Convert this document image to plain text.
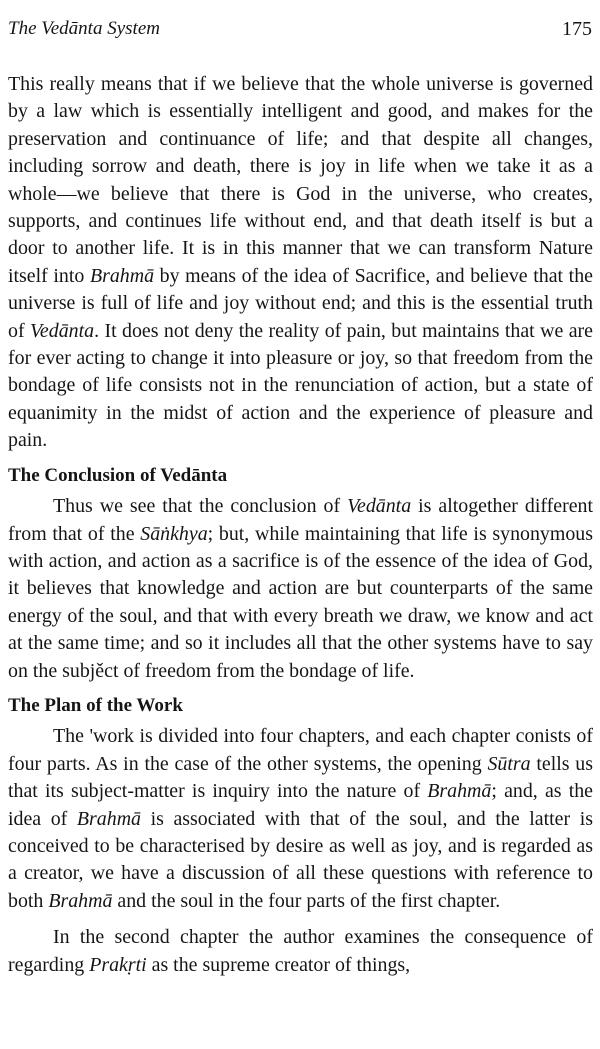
The Vedānta System	175

This really means that if we believe that the whole universe is governed by a law which is essentially intelligent and good, and makes for the preservation and continuance of life; and that despite all changes, including sorrow and death, there is joy in life when we take it as a whole—we believe that there is God in the universe, who creates, supports, and continues life without end, and that death itself is but a door to another life. It is in this manner that we can transform Nature itself into Brahmā by means of the idea of Sacrifice, and believe that the universe is full of life and joy without end; and this is the essential truth of Vedānta. It does not deny the reality of pain, but maintains that we are for ever acting to change it into pleasure or joy, so that freedom from the bondage of life consists not in the renunciation of action, but a state of equanimity in the midst of action and the experience of pleasure and pain.

The Conclusion of Vedānta

Thus we see that the conclusion of Vedānta is altogether different from that of the Sāṅkhya; but, while maintaining that life is synonymous with action, and action as a sacrifice is of the essence of the idea of God, it believes that knowledge and action are but counterparts of the same energy of the soul, and that with every breath we draw, we know and act at the same time; and so it includes all that the other systems have to say on the subjěct of freedom from the bondage of life.

The Plan of the Work

The 'work is divided into four chapters, and each chapter conists of four parts. As in the case of the other systems, the opening Sūtra tells us that its subject-matter is inquiry into the nature of Brahmā; and, as the idea of Brahmā is associated with that of the soul, and the latter is conceived to be characterised by desire as well as joy, and is regarded as a creator, we have a discussion of all these questions with reference to both Brahmā and the soul in the four parts of the first chapter.

In the second chapter the author examines the consequence of regarding Prakṛti as the supreme creator of things,
